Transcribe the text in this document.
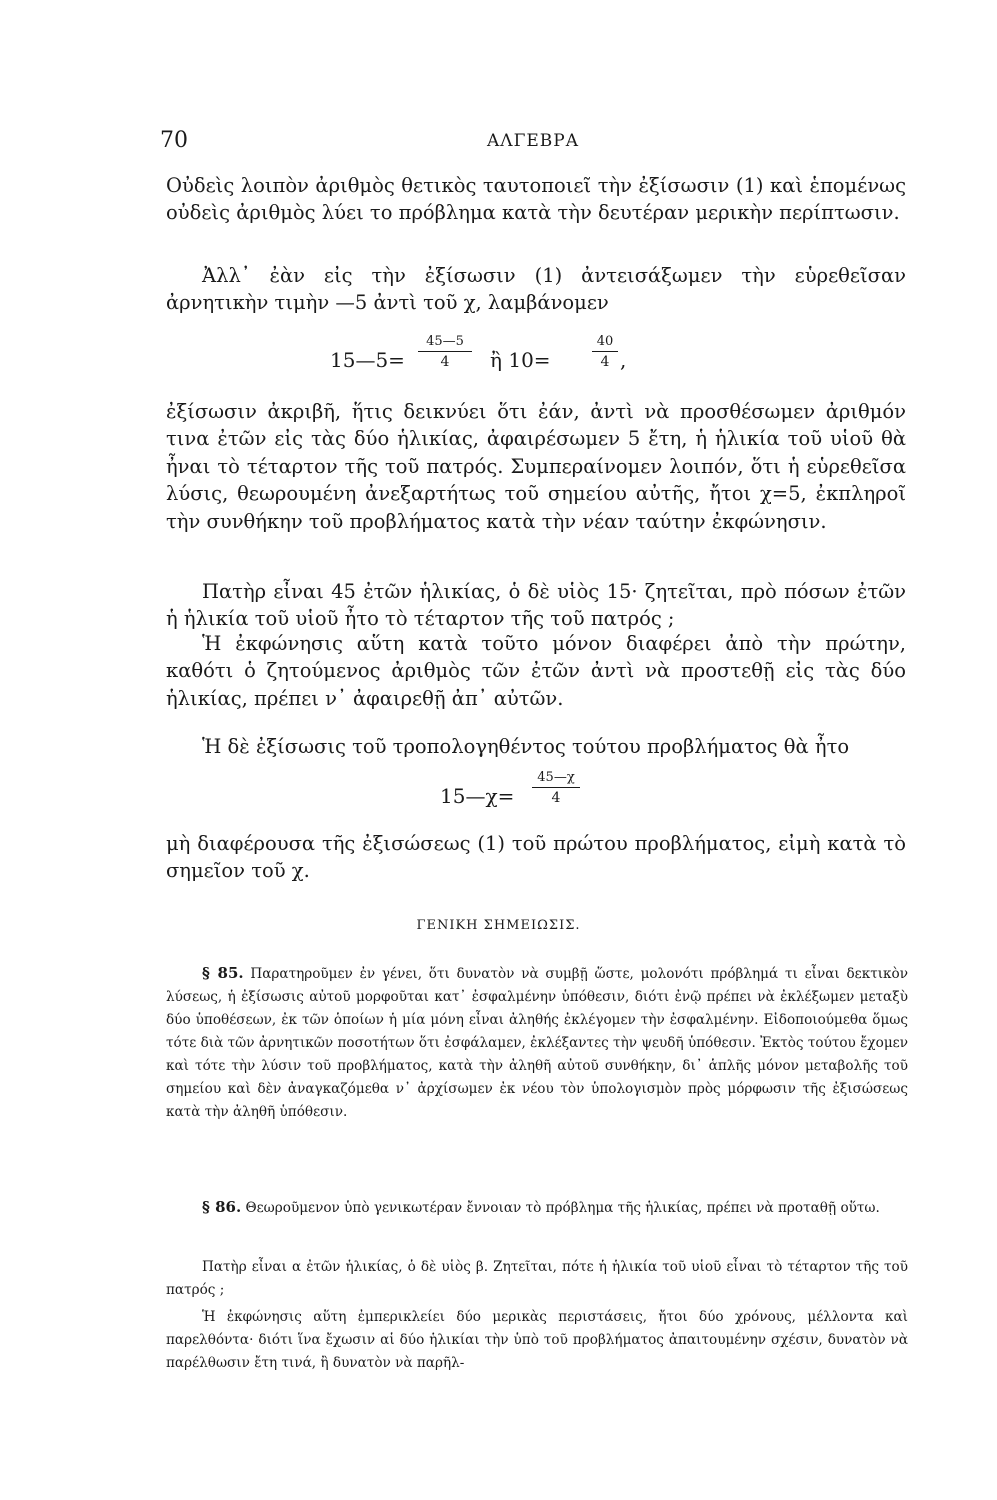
70	ΑΛΓΕΒΡΑ
Οὐδεὶς λοιπὸν ἀριθμὸς θετικὸς ταυτοποιεῖ τὴν ἐξίσωσιν (1) καὶ ἑπομένως οὐδεὶς ἀριθμὸς λύει το πρόβλημα κατὰ τὴν δευτέραν μερικὴν περίπτωσιν.
Ἀλλ᾽ ἐὰν εἰς τὴν ἐξίσωσιν (1) ἀντεισάξωμεν τὴν εὑρεθεῖσαν ἀρνητικὴν τιμὴν —5 ἀντὶ τοῦ χ, λαμβάνομεν
15—5=
45—5
4	ἢ 10=
40
4 ,
ἐξίσωσιν ἀκριβῆ, ἥτις δεικνύει ὅτι ἐάν, ἀντὶ νὰ προσθέσωμεν ἀριθμόν τινα ἐτῶν εἰς τὰς δύο ἡλικίας, ἀφαιρέσωμεν 5 ἔτη, ἡ ἡλικία τοῦ υἱοῦ θὰ ἦναι τὸ τέταρτον τῆς τοῦ πατρός. Συμπεραίνομεν λοιπόν, ὅτι ἡ εὑρεθεῖσα λύσις, θεωρουμένη ἀνεξαρτήτως τοῦ σημείου αὐτῆς, ἤτοι χ=5, ἐκπληροῖ τὴν συνθήκην τοῦ προβλήματος κατὰ τὴν νέαν ταύτην ἐκφώνησιν.
Πατὴρ εἶναι 45 ἐτῶν ἡλικίας, ὁ δὲ υἱὸς 15· ζητεῖται, πρὸ πόσων ἐτῶν ἡ ἡλικία τοῦ υἱοῦ ἦτο τὸ τέταρτον τῆς τοῦ πατρός ;
Ἡ ἐκφώνησις αὕτη κατὰ τοῦτο μόνον διαφέρει ἀπὸ τὴν πρώτην, καθότι ὁ ζητούμενος ἀριθμὸς τῶν ἐτῶν ἀντὶ νὰ προστεθῇ εἰς τὰς δύο ἡλικίας, πρέπει ν᾽ ἀφαιρεθῇ ἀπ᾽ αὐτῶν.
Ἡ δὲ ἐξίσωσις τοῦ τροπολογηθέντος τούτου προβλήματος θὰ ἦτο
15—χ=
45—χ
4
μὴ διαφέρουσα τῆς ἐξισώσεως (1) τοῦ πρώτου προβλήματος, εἰμὴ κατὰ τὸ σημεῖον τοῦ χ.
ΓΕΝΙΚΗ ΣΗΜΕΙΩΣΙΣ.
§ 85. Παρατηροῦμεν ἐν γένει, ὅτι δυνατὸν νὰ συμβῇ ὥστε, μολονότι πρόβλημά τι εἶναι δεκτικὸν λύσεως, ἡ ἐξίσωσις αὐτοῦ μορφοῦται κατ᾽ ἐσφαλμένην ὑπόθεσιν, διότι ἐνῷ πρέπει νὰ ἐκλέξωμεν μεταξὺ δύο ὑποθέσεων, ἐκ τῶν ὁποίων ἡ μία μόνη εἶναι ἀληθής ἐκλέγομεν τὴν ἐσφαλμένην. Εἰδοποιούμεθα ὅμως τότε διὰ τῶν ἀρνητικῶν ποσοτήτων ὅτι ἐσφάλαμεν, ἐκλέξαντες τὴν ψευδῆ ὑπόθεσιν. Ἐκτὸς τούτου ἔχομεν καὶ τότε τὴν λύσιν τοῦ προβλήματος, κατὰ τὴν ἀληθῆ αὐτοῦ συνθήκην, δι᾽ ἁπλῆς μόνον μεταβολῆς τοῦ σημείου καὶ δὲν ἀναγκαζόμεθα ν᾽ ἀρχίσωμεν ἐκ νέου τὸν ὑπολογισμὸν πρὸς μόρφωσιν τῆς ἐξισώσεως κατὰ τὴν ἀληθῆ ὑπόθεσιν.
§ 86. Θεωροῦμενον ὑπὸ γενικωτέραν ἔννοιαν τὸ πρόβλημα τῆς ἡλικίας, πρέπει νὰ προταθῇ οὕτω.
Πατὴρ εἶναι α ἐτῶν ἡλικίας, ὁ δὲ υἱὸς β. Ζητεῖται, πότε ἡ ἡλικία τοῦ υἱοῦ εἶναι τὸ τέταρτον τῆς τοῦ πατρός ;
Ἡ ἐκφώνησις αὕτη ἐμπερικλείει δύο μερικὰς περιστάσεις, ἤτοι δύο χρόνους, μέλλοντα καὶ παρελθόντα· διότι ἵνα ἔχωσιν αἱ δύο ἡλικίαι τὴν ὑπὸ τοῦ προβλήματος ἀπαιτουμένην σχέσιν, δυνατὸν νὰ παρέλθωσιν ἔτη τινά, ἢ δυνατὸν νὰ παρῆλ-
